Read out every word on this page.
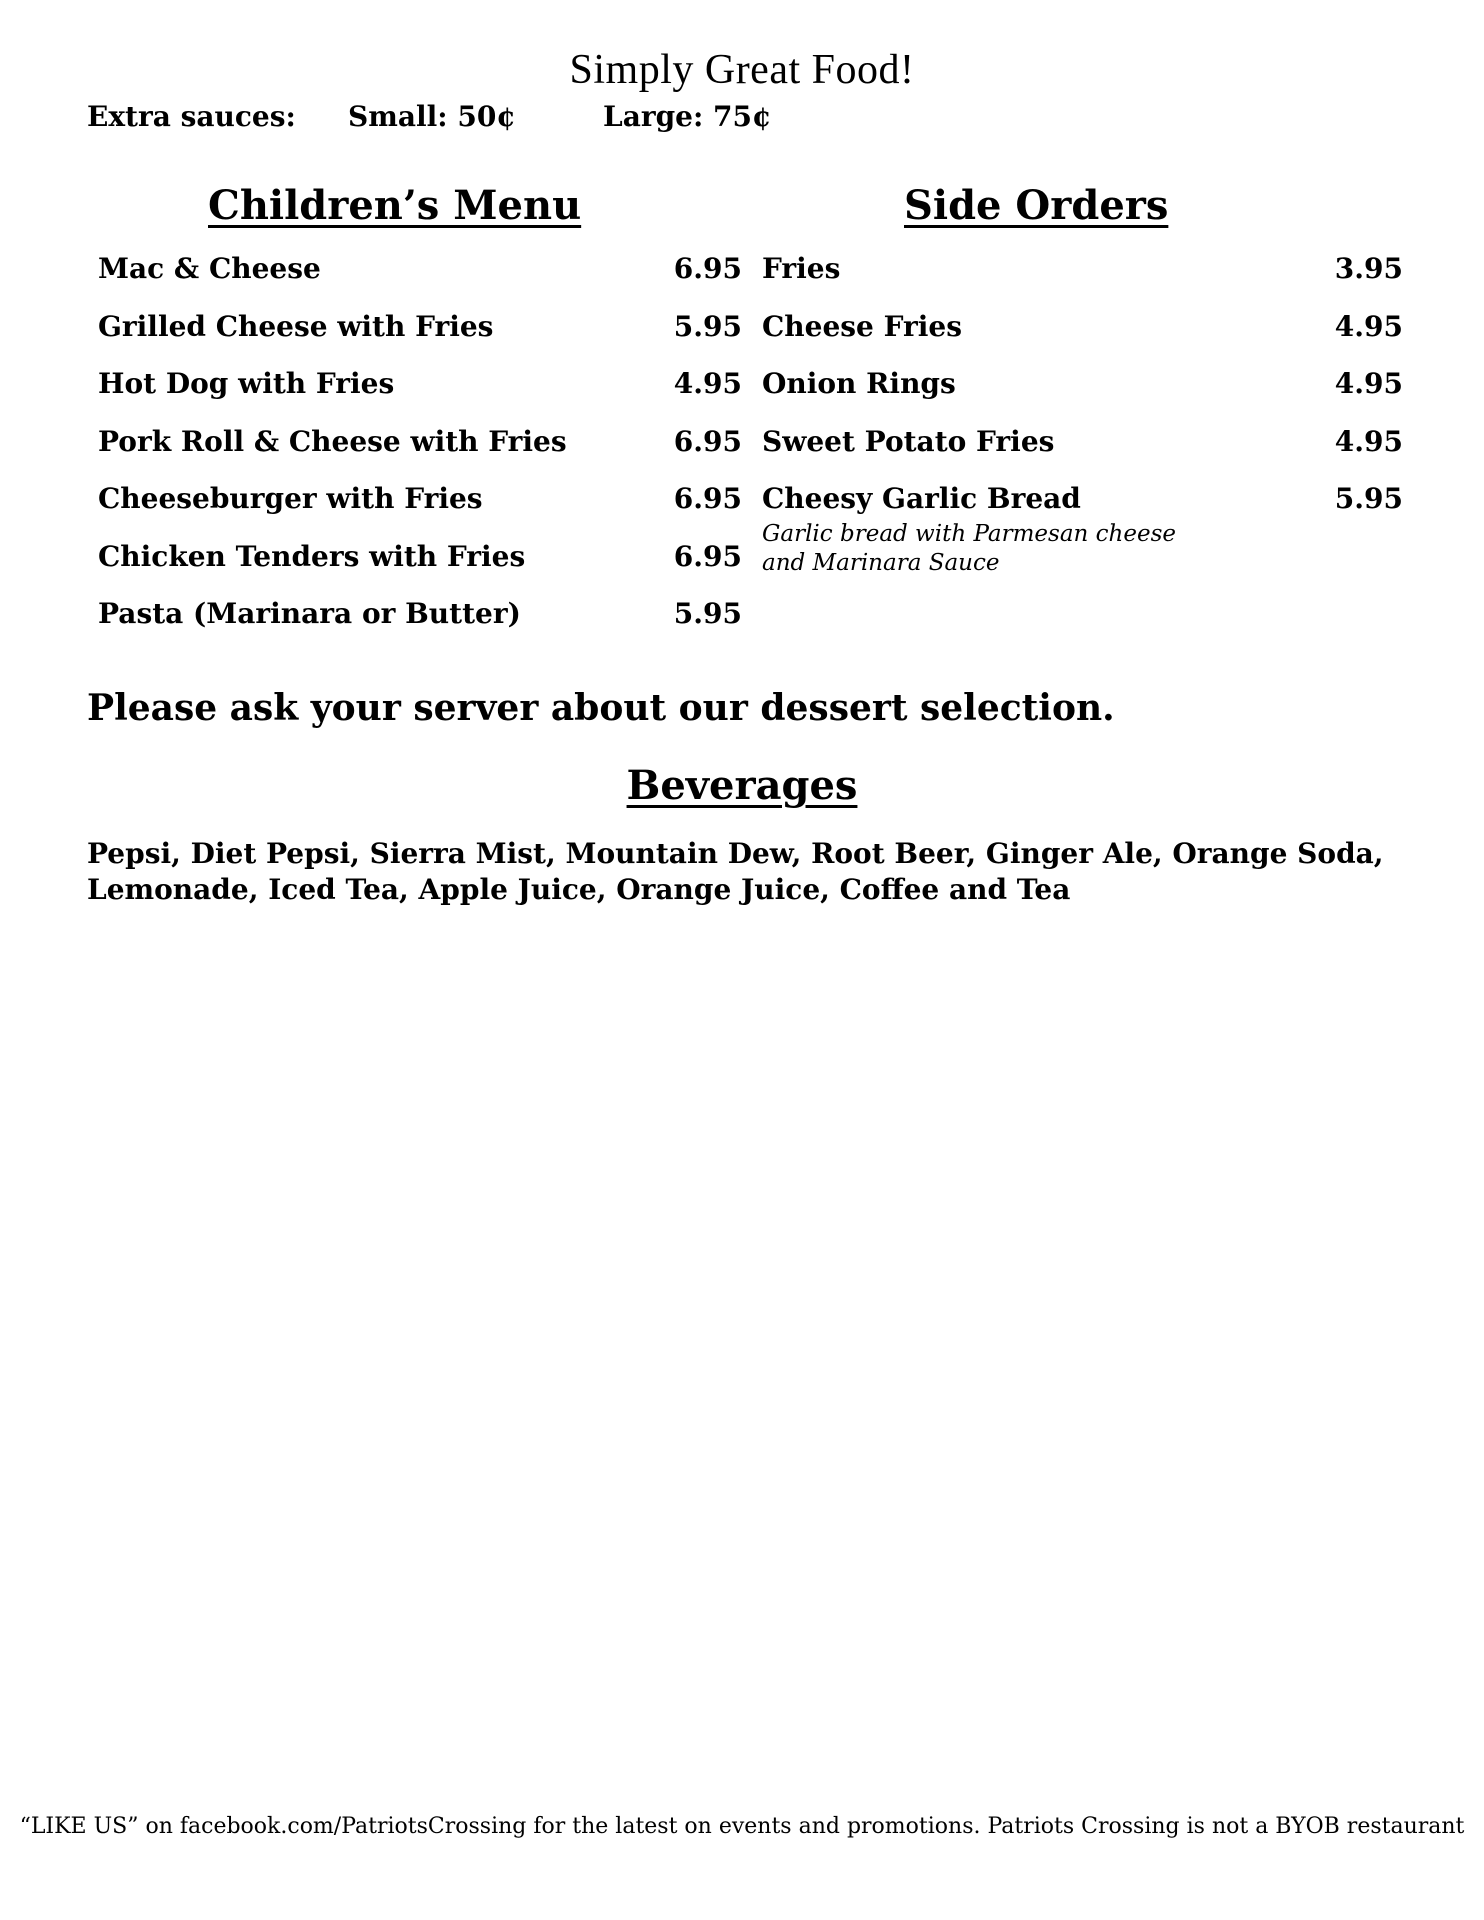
Simply Great Food!
Extra sauces: Small: 50¢	Large: 75¢
Children’s Menu	Side Orders
Mac & Cheese	6.95
Grilled Cheese with Fries	5.95
Hot Dog with Fries	4.95
Pork Roll & Cheese with Fries	6.95
Cheeseburger with Fries	6.95
Chicken Tenders with Fries	6.95
Pasta (Marinara or Butter)	5.95
Fries	3.95
Cheese Fries	4.95
Onion Rings	4.95
Sweet Potato Fries	4.95
Cheesy Garlic Bread	5.95
Garlic bread with Parmesan cheese and Marinara Sauce
Please ask your server about our dessert selection.
Beverages
Pepsi, Diet Pepsi, Sierra Mist, Mountain Dew, Root Beer, Ginger Ale, Orange Soda, Lemonade, Iced Tea, Apple Juice, Orange Juice, Coffee and Tea
“LIKE US” on facebook.com/PatriotsCrossing for the latest on events and promotions. Patriots Crossing is not a BYOB restaurant
